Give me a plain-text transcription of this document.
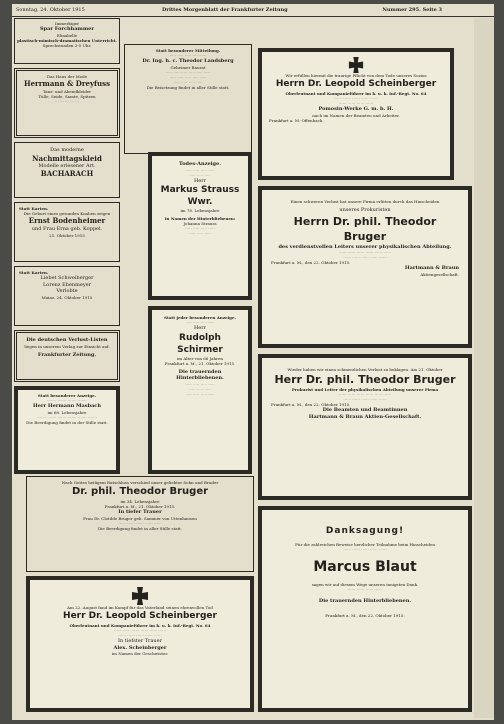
Sonntag, 24. Oktober 1915	Drittes Morgenblatt der Frankfurter Zeitung	Nummer 295. Seite 3
Immerbiger
Spar Forchhammer
Elmabelle
plastisch-mimisch-dramatischen Unterricht.
Sprechstunden 3-5 Uhr.
Das Haus der Mode
Herrmann & Dreyfuss
Tanz- und Abendkleider
Tülle, Seide, Samte, Spitzen
··· ··· ··· ··· ···
Das moderne
Nachmittagskleid
Modelle erlesener Art.
BACHARACH
Statt Karten.
Die Geburt eines gesunden Knaben zeigen
Ernst Bodenheimer
und Frau Erna geb. Koppel.
21. Oktober 1915
Statt Karten.
Liebet Schweiberger
Lorenz Ebenmeyer
Verlobte
Mainz, 24. Oktober 1915
Die deutschen Verlust-Listen
liegen in unserem Verlag zur Einsicht auf.
Frankfurter Zeitung.
Statt besonderer Anzeige.
······· ······· ······· ·······
Herr Hermann Masbach
im 68. Lebensjahre
······· ······· ······· ······· ······· ·······
Die Beerdigung findet in der Stille statt.
Statt besonderer Mitteilung.
····· ····· ····· ····· ·····
Dr. Ing. h. c. Theodor Landsberg
Geheimer Baurat
····· ····· ····· ····· ····· ·····
····· ····· ····· ····· ·····
····· ····· ····· ·····
Die Beisetzung findet in aller Stille statt.
Todes-Anzeige.
····· ····· ····· ·····
····· ····· ·····
Herr
Markus Strauss Wwr.
im 78. Lebensjahre
In Namen der Hinterbliebenen:
Johanna Strauss
····· ····· ····· ·····
····· ····· ·····
Statt jeder besonderen Anzeige.
····· ····· ····· ·····
Herr
Rudolph Schirmer
im Alter von 66 Jahren
Frankfurt a. M., 21. Oktober 1915.
Die trauernden Hinterbliebenen.
····· ····· ····· ·····
····· ····· ·····
····· ····· ····· ·····
Nach Gottes heiligem Ratschluss verschied unser geliebter Sohn und Bruder
Dr. phil. Theodor Bruger
im 34. Lebensjahre
Frankfurt a. M., 21. Oktober 1915.
In tiefer Trauer
Frau Dr. Clotilde Bruger geb. Sammer von Uttenhausen
······ ······ ······ ······ ······
Die Beerdigung findet in aller Stille statt.
Am 22. August fand im Kampf für das Vaterland seinen ehrenvollen Tod
Herr Dr. Leopold Scheinberger
Oberleutnant und Kompanieführer im k. u. k. Inf.-Regt. No. 64
······ ······ ······ ······ ······ ······
······ ······ ······ ······ ······
In tiefster Trauer
Alex. Scheinberger
im Namen der Geschwister.
Wir erfüllen hiermit die traurige Pflicht von dem Tode unseres Sozius
Herrn Dr. Leopold Scheinberger
Oberleutnant und Kompanieführer im k. u. k. Inf.-Regt. No. 64
······ ······ ······ ······ ······
······ ······ ······ ······
Pomosin-Werke G. m. b. H.
nach im Namen der Beamten und Arbeiter.
Frankfurt a. M.-Offenbach.
Einen schweren Verlust hat unsere Firma erlitten durch das Hinscheiden
unseres Prokuristen
Herrn Dr. phil. Theodor Bruger
des verdienstvollen Leiters unserer physikalischen Abteilung.
······ ······ ······ ······ ······ ······
······ ······ ······ ······ ······
Frankfurt a. M., den 22. Oktober 1915.
Hartmann & Braun
Aktiengesellschaft.
Wieder haben wir einen schmerzlichen Verlust zu beklagen. Am 21. Oktober
Herr Dr. phil. Theodor Bruger
Prokurist und Leiter der physikalischen Abteilung unserer Firma
······ ······ ······ ······ ······ ······
······ ······ ······ ······ ······
Frankfurt a. M., den 22. Oktober 1915.
Die Beamten und Beamtinnen
Hartmann & Braun Aktien-Gesellschaft.
Danksagung!
Für die zahlreichen Beweise herzlicher Teilnahme beim Hinscheiden
······ ······ ······ ······ ······
Marcus Blaut
sagen wir auf diesem Wege unseren innigsten Dank.
······ ······ ······ ······
Die trauernden Hinterbliebenen.
Frankfurt a. M., den 22. Oktober 1915.
